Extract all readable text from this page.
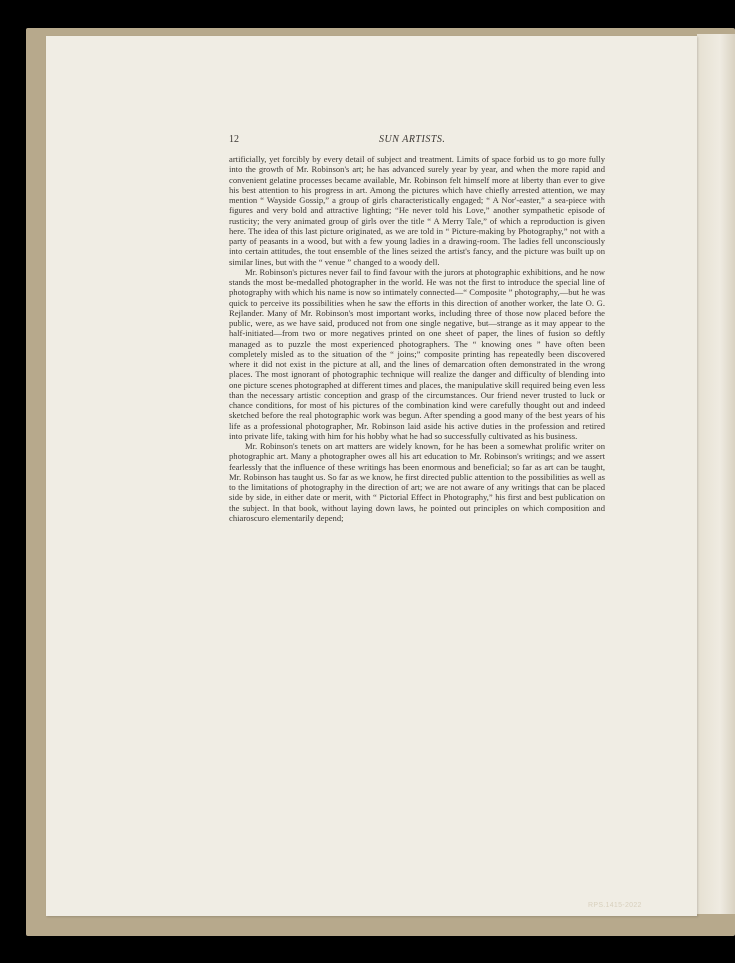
12	SUN ARTISTS.

artificially, yet forcibly by every detail of subject and treatment. Limits of space forbid us to go more fully into the growth of Mr. Robinson's art; he has advanced surely year by year, and when the more rapid and convenient gelatine processes became available, Mr. Robinson felt himself more at liberty than ever to give his best attention to his progress in art. Among the pictures which have chiefly arrested attention, we may mention “ Wayside Gossip,” a group of girls characteristically engaged; “ A Nor'-easter,” a sea-piece with figures and very bold and attractive lighting; “He never told his Love,” another sympathetic episode of rusticity; the very animated group of girls over the title “ A Merry Tale,” of which a reproduction is given here. The idea of this last picture originated, as we are told in “ Picture-making by Photography,” not with a party of peasants in a wood, but with a few young ladies in a drawing-room. The ladies fell unconsciously into certain attitudes, the tout ensemble of the lines seized the artist's fancy, and the picture was built up on similar lines, but with the “ venue ” changed to a woody dell.

Mr. Robinson's pictures never fail to find favour with the jurors at photographic exhibitions, and he now stands the most be-medalled photographer in the world. He was not the first to introduce the special line of photography with which his name is now so intimately connected—“ Composite ” photography,—but he was quick to perceive its possibilities when he saw the efforts in this direction of another worker, the late O. G. Rejlander. Many of Mr. Robinson's most important works, including three of those now placed before the public, were, as we have said, produced not from one single negative, but—strange as it may appear to the half-initiated—from two or more negatives printed on one sheet of paper, the lines of fusion so deftly managed as to puzzle the most experienced photographers. The “ knowing ones ” have often been completely misled as to the situation of the “ joins;” composite printing has repeatedly been discovered where it did not exist in the picture at all, and the lines of demarcation often demonstrated in the wrong places. The most ignorant of photographic technique will realize the danger and difficulty of blending into one picture scenes photographed at different times and places, the manipulative skill required being even less than the necessary artistic conception and grasp of the circumstances. Our friend never trusted to luck or chance conditions, for most of his pictures of the combination kind were carefully thought out and indeed sketched before the real photographic work was begun. After spending a good many of the best years of his life as a professional photographer, Mr. Robinson laid aside his active duties in the profession and retired into private life, taking with him for his hobby what he had so successfully cultivated as his business.

Mr. Robinson's tenets on art matters are widely known, for he has been a somewhat prolific writer on photographic art. Many a photographer owes all his art education to Mr. Robinson's writings; and we assert fearlessly that the influence of these writings has been enormous and beneficial; so far as art can be taught, Mr. Robinson has taught us. So far as we know, he first directed public attention to the possibilities as well as to the limitations of photography in the direction of art; we are not aware of any writings that can be placed side by side, in either date or merit, with “ Pictorial Effect in Photography,” his first and best publication on the subject. In that book, without laying down laws, he pointed out principles on which composition and chiaroscuro elementarily depend;

RPS.1415-2022
